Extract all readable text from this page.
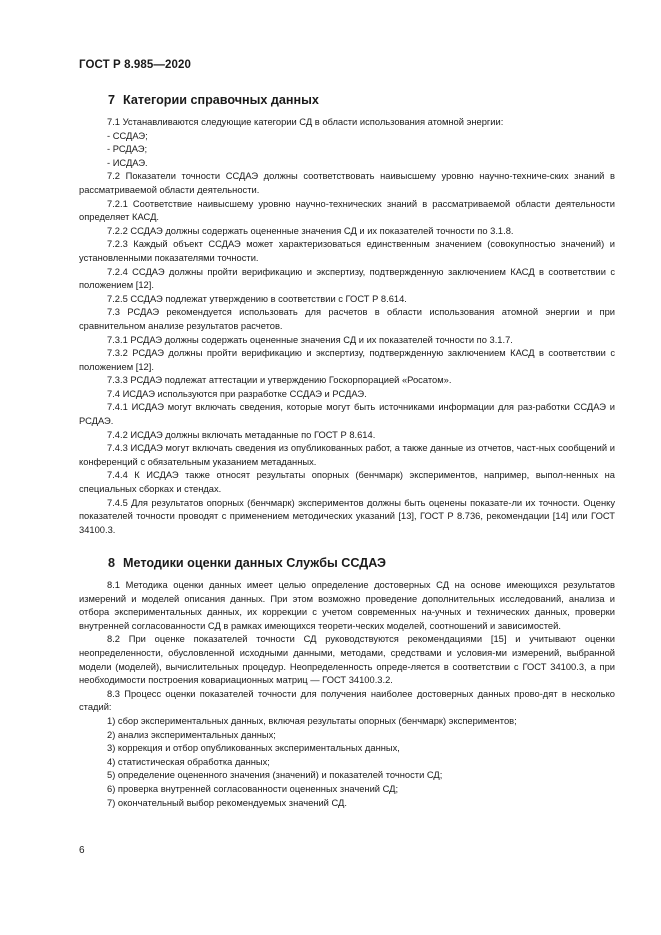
ГОСТ Р 8.985—2020
7 Категории справочных данных

7.1 Устанавливаются следующие категории СД в области использования атомной энергии:

- ССДАЭ;

- РСДАЭ;

- ИСДАЭ.

7.2 Показатели точности ССДАЭ должны соответствовать наивысшему уровню научно-техниче-ских знаний в рассматриваемой области деятельности.

7.2.1 Соответствие наивысшему уровню научно-технических знаний в рассматриваемой области деятельности определяет КАСД.

7.2.2 ССДАЭ должны содержать оцененные значения СД и их показателей точности по 3.1.8.

7.2.3 Каждый объект ССДАЭ может характеризоваться единственным значением (совокупностью значений) и установленными показателями точности.

7.2.4 ССДАЭ должны пройти верификацию и экспертизу, подтвержденную заключением КАСД в соответствии с положением [12].

7.2.5 ССДАЭ подлежат утверждению в соответствии с ГОСТ Р 8.614.

7.3 РСДАЭ рекомендуется использовать для расчетов в области использования атомной энергии и при сравнительном анализе результатов расчетов.

7.3.1 РСДАЭ должны содержать оцененные значения СД и их показателей точности по 3.1.7.

7.3.2 РСДАЭ должны пройти верификацию и экспертизу, подтвержденную заключением КАСД в соответствии с положением [12].

7.3.3 РСДАЭ подлежат аттестации и утверждению Госкорпорацией «Росатом».

7.4 ИСДАЭ используются при разработке ССДАЭ и РСДАЭ.

7.4.1 ИСДАЭ могут включать сведения, которые могут быть источниками информации для раз-работки ССДАЭ и РСДАЭ.

7.4.2 ИСДАЭ должны включать метаданные по ГОСТ Р 8.614.

7.4.3 ИСДАЭ могут включать сведения из опубликованных работ, а также данные из отчетов, част-ных сообщений и конференций с обязательным указанием метаданных.

7.4.4 К ИСДАЭ также относят результаты опорных (бенчмарк) экспериментов, например, выпол-ненных на специальных сборках и стендах.

7.4.5 Для результатов опорных (бенчмарк) экспериментов должны быть оценены показате-ли их точности. Оценку показателей точности проводят с применением методических указаний [13], ГОСТ Р 8.736, рекомендации [14] или ГОСТ 34100.3.

8 Методики оценки данных Службы ССДАЭ

8.1 Методика оценки данных имеет целью определение достоверных СД на основе имеющихся результатов измерений и моделей описания данных. При этом возможно проведение дополнительных исследований, анализа и отбора экспериментальных данных, их коррекции с учетом современных на-учных и технических данных, проверки внутренней согласованности СД в рамках имеющихся теорети-ческих моделей, соотношений и зависимостей.

8.2 При оценке показателей точности СД руководствуются рекомендациями [15] и учитывают оценки неопределенности, обусловленной исходными данными, методами, средствами и условия-ми измерений, выбранной модели (моделей), вычислительных процедур. Неопределенность опреде-ляется в соответствии с ГОСТ 34100.3, а при необходимости построения ковариационных матриц — ГОСТ 34100.3.2.

8.3 Процесс оценки показателей точности для получения наиболее достоверных данных прово-дят в несколько стадий:

1) сбор экспериментальных данных, включая результаты опорных (бенчмарк) экспериментов;

2) анализ экспериментальных данных;

3) коррекция и отбор опубликованных экспериментальных данных,

4) статистическая обработка данных;

5) определение оцененного значения (значений) и показателей точности СД;

6) проверка внутренней согласованности оцененных значений СД;

7) окончательный выбор рекомендуемых значений СД.

6
